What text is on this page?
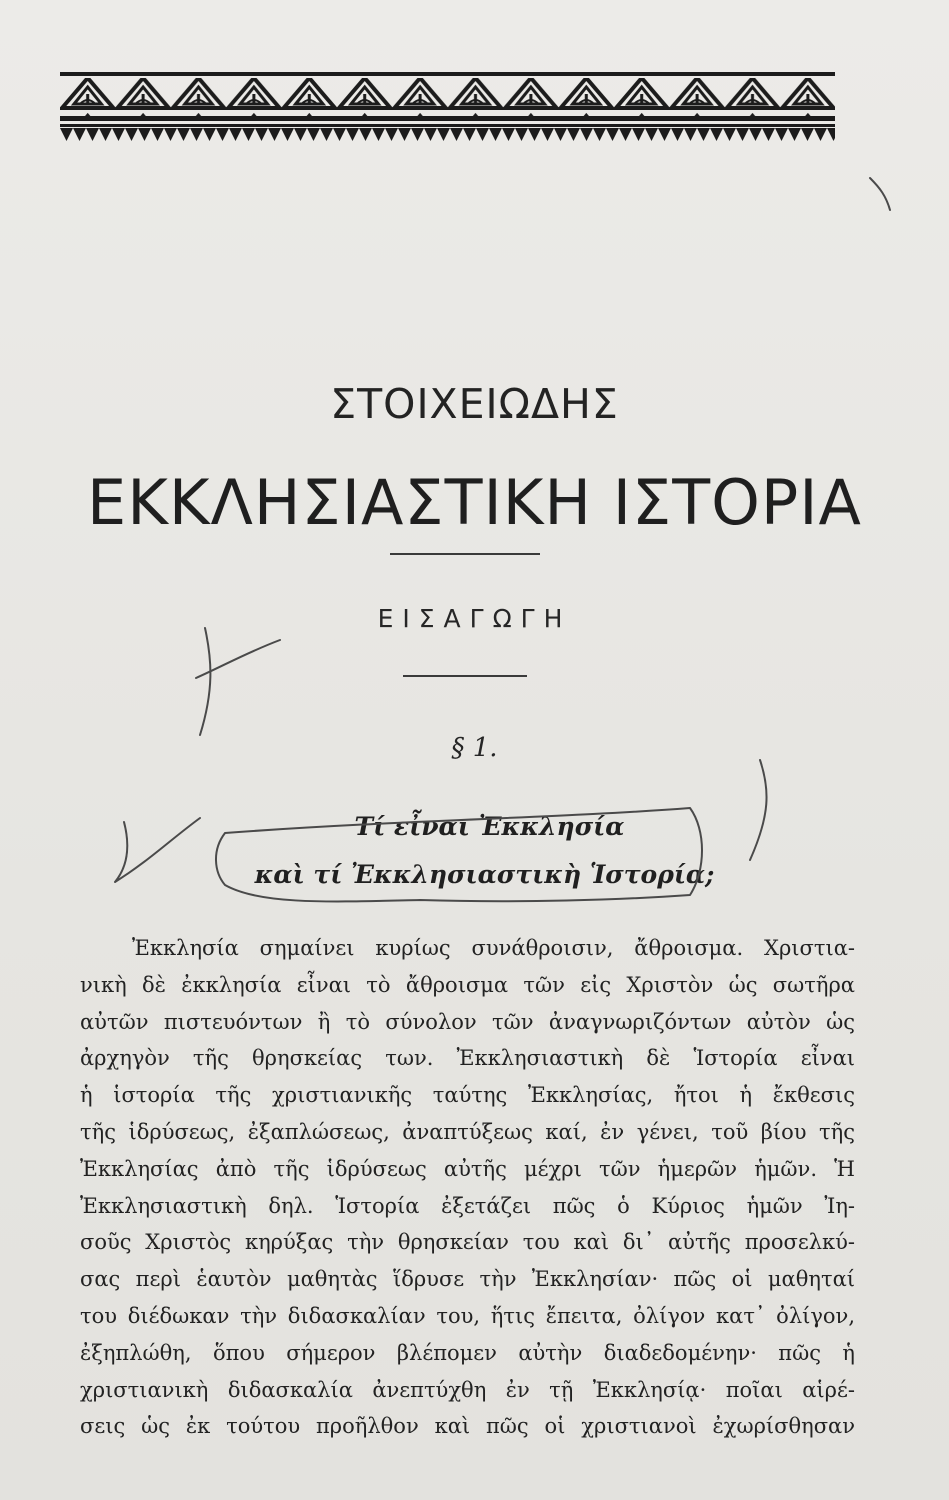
ΣΤΟΙΧΕΙΩΔΗΣ
ΕΚΚΛΗΣΙΑΣΤΙΚΗ ΙΣΤΟΡΙΑ
ΕΙΣΑΓΩΓΗ
§ 1.
Τί εἶναι Ἐκκλησία
καὶ τί Ἐκκλησιαστικὴ Ἱστορία;
Ἐκκλησία σημαίνει κυρίως συνάθροισιν, ἄθροισμα. Χριστια-
νικὴ δὲ ἐκκλησία εἶναι τὸ ἄθροισμα τῶν εἰς Χριστὸν ὡς σωτῆρα
αὐτῶν πιστευόντων ἢ τὸ σύνολον τῶν ἀναγνωριζόντων αὐτὸν ὡς
ἀρχηγὸν τῆς θρησκείας των. Ἐκκλησιαστικὴ δὲ Ἱστορία εἶναι
ἡ ἱστορία τῆς χριστιανικῆς ταύτης Ἐκκλησίας, ἤτοι ἡ ἔκθεσις
τῆς ἱδρύσεως, ἐξαπλώσεως, ἀναπτύξεως καί, ἐν γένει, τοῦ βίου τῆς
Ἐκκλησίας ἀπὸ τῆς ἱδρύσεως αὐτῆς μέχρι τῶν ἡμερῶν ἡμῶν. Ἡ
Ἐκκλησιαστικὴ δηλ. Ἱστορία ἐξετάζει πῶς ὁ Κύριος ἡμῶν Ἰη-
σοῦς Χριστὸς κηρύξας τὴν θρησκείαν του καὶ δι᾽ αὐτῆς προσελκύ-
σας περὶ ἑαυτὸν μαθητὰς ἵδρυσε τὴν Ἐκκλησίαν· πῶς οἱ μαθηταί
του διέδωκαν τὴν διδασκαλίαν του, ἥτις ἔπειτα, ὀλίγον κατ᾽ ὀλίγον,
ἐξηπλώθη, ὅπου σήμερον βλέπομεν αὐτὴν διαδεδομένην· πῶς ἡ
χριστιανικὴ διδασκαλία ἀνεπτύχθη ἐν τῇ Ἐκκλησίᾳ· ποῖαι αἱρέ-
σεις ὡς ἐκ τούτου προῆλθον καὶ πῶς οἱ χριστιανοὶ ἐχωρίσθησαν
